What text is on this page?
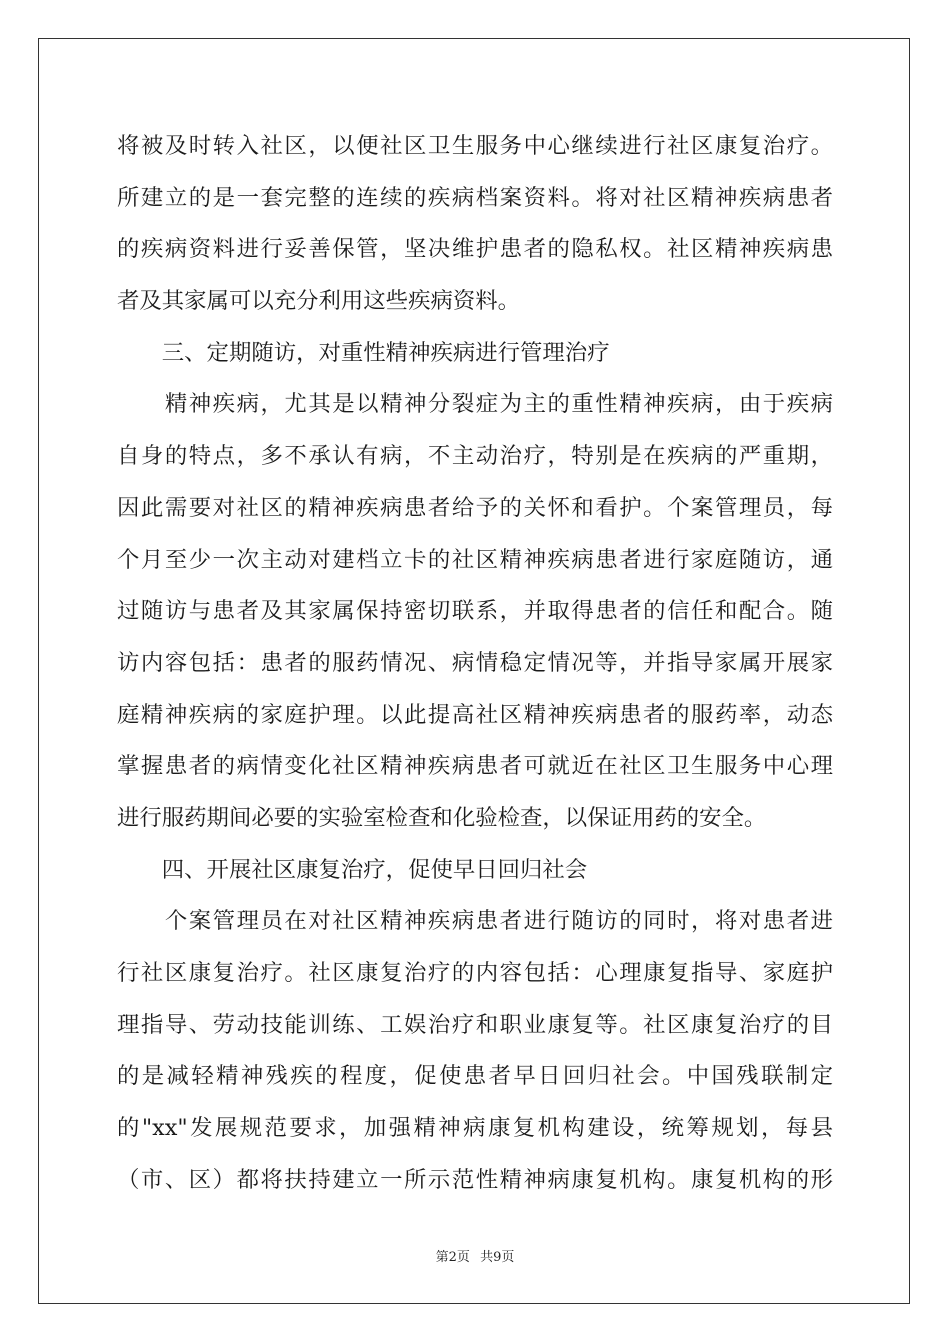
将被及时转入社区，以便社区卫生服务中心继续进行社区康复治疗。
所建立的是一套完整的连续的疾病档案资料。将对社区精神疾病患者
的疾病资料进行妥善保管，坚决维护患者的隐私权。社区精神疾病患
者及其家属可以充分利用这些疾病资料。
　　三、定期随访，对重性精神疾病进行管理治疗
　　精神疾病，尤其是以精神分裂症为主的重性精神疾病，由于疾病
自身的特点，多不承认有病，不主动治疗，特别是在疾病的严重期，
因此需要对社区的精神疾病患者给予的关怀和看护。个案管理员，每
个月至少一次主动对建档立卡的社区精神疾病患者进行家庭随访，通
过随访与患者及其家属保持密切联系，并取得患者的信任和配合。随
访内容包括：患者的服药情况、病情稳定情况等，并指导家属开展家
庭精神疾病的家庭护理。以此提高社区精神疾病患者的服药率，动态
掌握患者的病情变化社区精神疾病患者可就近在社区卫生服务中心理
进行服药期间必要的实验室检查和化验检查，以保证用药的安全。
　　四、开展社区康复治疗，促使早日回归社会
　　个案管理员在对社区精神疾病患者进行随访的同时，将对患者进
行社区康复治疗。社区康复治疗的内容包括：心理康复指导、家庭护
理指导、劳动技能训练、工娱治疗和职业康复等。社区康复治疗的目
的是减轻精神残疾的程度，促使患者早日回归社会。中国残联制定
的"xx"发展规范要求，加强精神病康复机构建设，统筹规划，每县
（市、区）都将扶持建立一所示范性精神病康复机构。康复机构的形
第2页 共9页
